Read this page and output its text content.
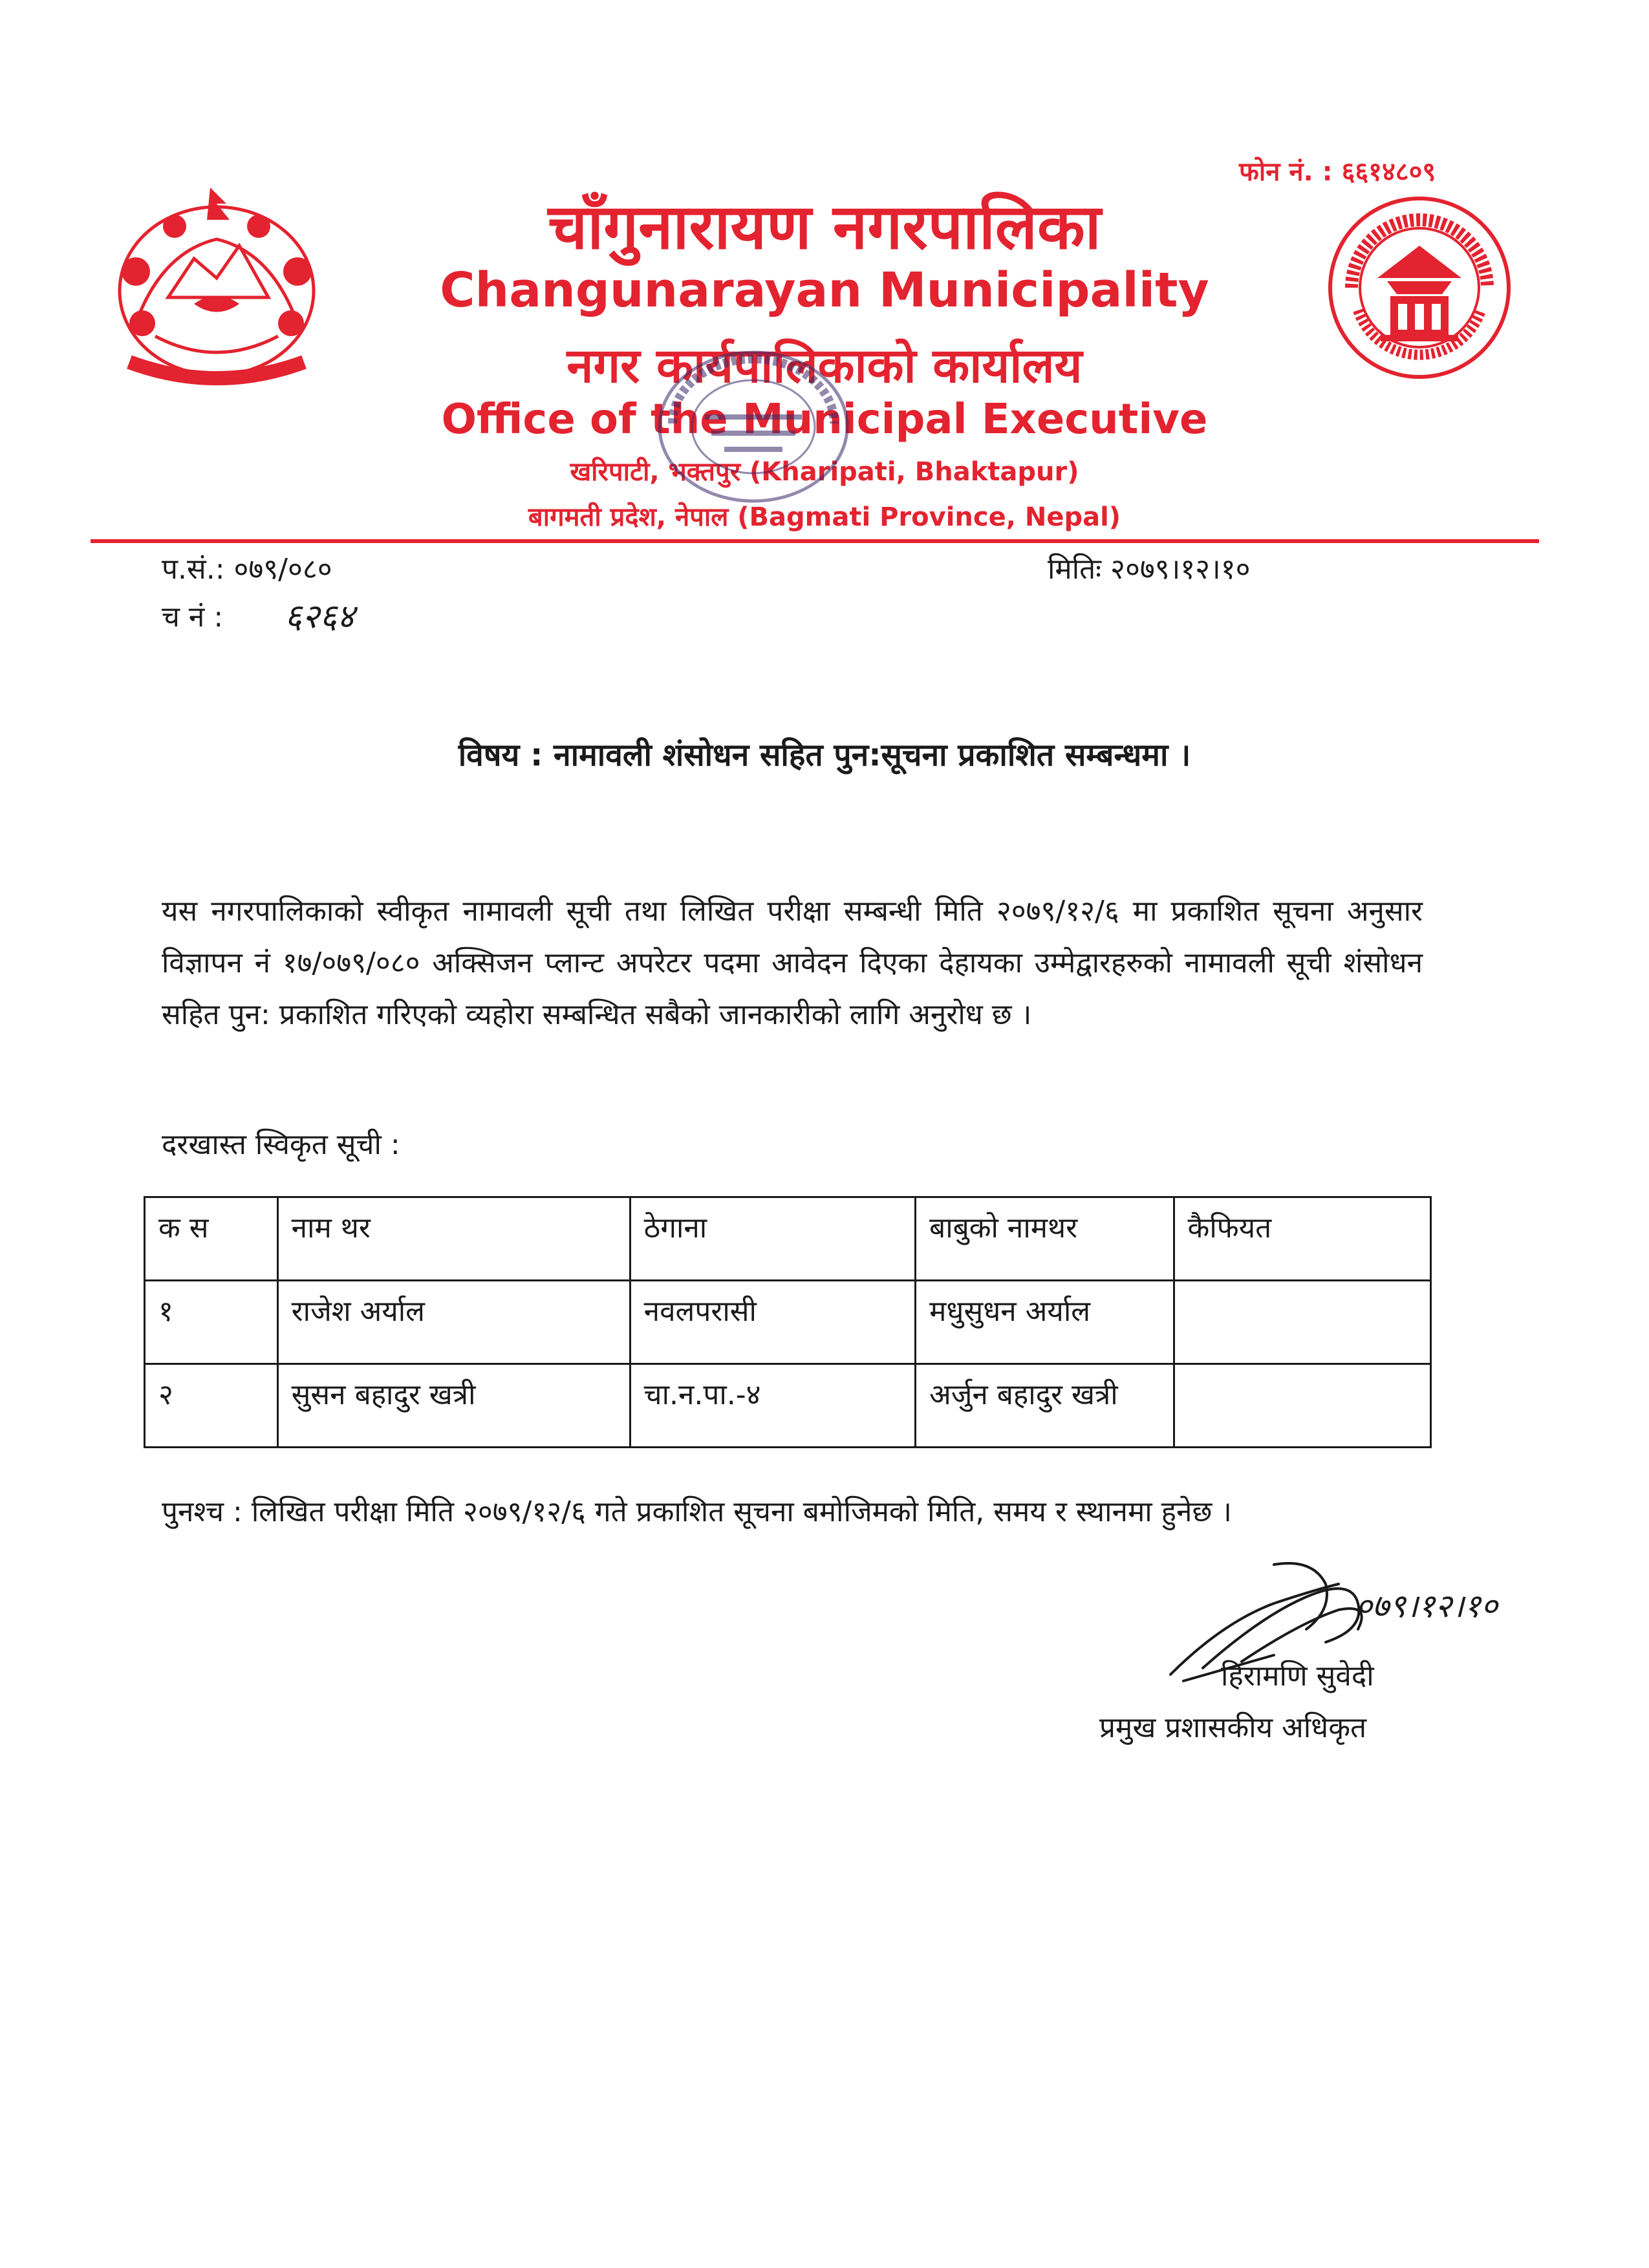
फोन नं. : ६६१४८०९
चाँगुनारायण नगरपालिका
Changunarayan Municipality
नगर कार्यपालिकाको कार्यालय
Office of the Municipal Executive
खरिपाटी, भक्तपुर (Kharipati, Bhaktapur)
बागमती प्रदेश, नेपाल (Bagmati Province, Nepal)
प.सं.: ०७९/०८०	मितिः २०७९।१२।१०
च नं : ६२६४
विषय : नामावली शंसोधन सहित पुन:सूचना प्रकाशित सम्बन्धमा ।
यस नगरपालिकाको स्वीकृत नामावली सूची तथा लिखित परीक्षा सम्बन्धी मिति २०७९/१२/६ मा प्रकाशित सूचना अनुसार विज्ञापन नं १७/०७९/०८० अक्सिजन प्लान्ट अपरेटर पदमा आवेदन दिएका देहायका उम्मेद्वारहरुको नामावली सूची शंसोधन सहित पुन: प्रकाशित गरिएको व्यहोरा सम्बन्धित सबैको जानकारीको लागि अनुरोध छ ।
दरखास्त स्विकृत सूची :
क स	नाम थर	ठेगाना	बाबुको नामथर	कैफियत
१	राजेश अर्याल	नवलपरासी	मधुसुधन अर्याल	
२	सुसन बहादुर खत्री	चा.न.पा.-४	अर्जुन बहादुर खत्री	
पुनश्च : लिखित परीक्षा मिति २०७९/१२/६ गते प्रकाशित सूचना बमोजिमको मिति, समय र स्थानमा हुनेछ ।
०७९।१२।१०
हिरामणि सुवेदी
प्रमुख प्रशासकीय अधिकृत
